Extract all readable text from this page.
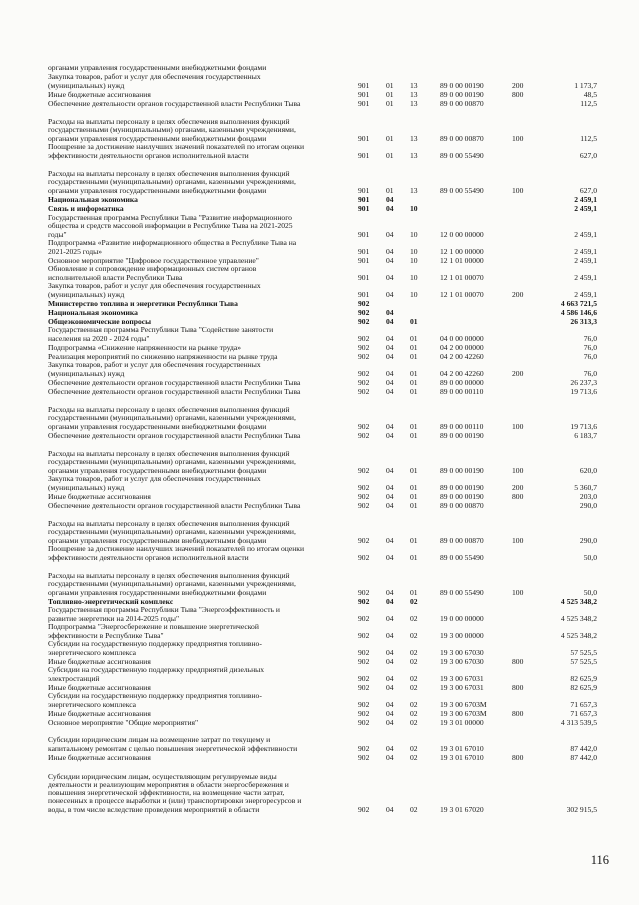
органами управления государственными внебюджетными фондами
Закупка товаров, работ и услуг для обеспечения государственных
(муниципальных) нужд	901 01 13	89 0 00 00190	200	1 173,7
Иные бюджетные ассигнования	901 01 13	89 0 00 00190	800	48,5
Обеспечение деятельности органов государственной власти Республики Тыва	901 01 13	89 0 00 00870	112,5
Расходы на выплаты персоналу в целях обеспечения выполнения функций
государственными (муниципальными) органами, казенными учреждениями,
органами управления государственными внебюджетными фондами	901 01 13	89 0 00 00870	100	112,5
Поощрение за достижение наилучших значений показателей по итогам оценки
эффективности деятельности органов исполнительной власти	901 01 13	89 0 00 55490	627,0
Расходы на выплаты персоналу в целях обеспечения выполнения функций
государственными (муниципальными) органами, казенными учреждениями,
органами управления государственными внебюджетными фондами	901 01 13	89 0 00 55490	100	627,0
Национальная экономика	901 04	2 459,1
Связь и информатика	901 04 10	2 459,1
Государственная программа Республики Тыва "Развитие информационного
общества и средств массовой информации в Республике Тыва на 2021-2025
годы"	901 04 10	12 0 00 00000	2 459,1
Подпрограмма «Развитие информационного общества в Республике Тыва на
2021-2025 годы»	901 04 10	12 1 00 00000	2 459,1
Основное мероприятие "Цифровое государственное управление"	901 04 10	12 1 01 00000	2 459,1
Обновление и сопровождение информационных систем органов
исполнительной власти Республики Тыва	901 04 10	12 1 01 00070	2 459,1
Закупка товаров, работ и услуг для обеспечения государственных
(муниципальных) нужд	901 04 10	12 1 01 00070	200	2 459,1
Министерство топлива и энергетики Республики Тыва	902	4 663 721,5
Национальная экономика	902 04	4 586 146,6
Общеэкономические вопросы	902 04 01	26 313,3
Государственная программа Республики Тыва "Содействие занятости
населения на 2020 - 2024 годы"	902 04 01	04 0 00 00000	76,0
Подпрограмма «Снижение напряженности на рынке труда»	902 04 01	04 2 00 00000	76,0
Реализация мероприятий по снижению напряженности на рынке труда	902 04 01	04 2 00 42260	76,0
Закупка товаров, работ и услуг для обеспечения государственных
(муниципальных) нужд	902 04 01	04 2 00 42260	200	76,0
Обеспечение деятельности органов государственной власти Республики Тыва	902 04 01	89 0 00 00000	26 237,3
Обеспечение деятельности органов государственной власти Республики Тыва	902 04 01	89 0 00 00110	19 713,6
Расходы на выплаты персоналу в целях обеспечения выполнения функций
государственными (муниципальными) органами, казенными учреждениями,
органами управления государственными внебюджетными фондами	902 04 01	89 0 00 00110	100	19 713,6
Обеспечение деятельности органов государственной власти Республики Тыва	902 04 01	89 0 00 00190	6 183,7
Расходы на выплаты персоналу в целях обеспечения выполнения функций
государственными (муниципальными) органами, казенными учреждениями,
органами управления государственными внебюджетными фондами	902 04 01	89 0 00 00190	100	620,0
Закупка товаров, работ и услуг для обеспечения государственных
(муниципальных) нужд	902 04 01	89 0 00 00190	200	5 360,7
Иные бюджетные ассигнования	902 04 01	89 0 00 00190	800	203,0
Обеспечение деятельности органов государственной власти Республики Тыва	902 04 01	89 0 00 00870	290,0
Расходы на выплаты персоналу в целях обеспечения выполнения функций
государственными (муниципальными) органами, казенными учреждениями,
органами управления государственными внебюджетными фондами	902 04 01	89 0 00 00870	100	290,0
Поощрение за достижение наилучших значений показателей по итогам оценки
эффективности деятельности органов исполнительной власти	902 04 01	89 0 00 55490	50,0
Расходы на выплаты персоналу в целях обеспечения выполнения функций
государственными (муниципальными) органами, казенными учреждениями,
органами управления государственными внебюджетными фондами	902 04 01	89 0 00 55490	100	50,0
Топливно-энергетический комплекс	902 04 02	4 525 348,2
Государственная программа Республики Тыва "Энергоэффективность и
развитие энергетики на 2014-2025 годы"	902 04 02	19 0 00 00000	4 525 348,2
Подпрограмма "Энергосбережение и повышение энергетической
эффективности в Республике Тыва"	902 04 02	19 3 00 00000	4 525 348,2
Субсидии на государственную поддержку предприятия топливно-
энергетического комплекса	902 04 02	19 3 00 67030	57 525,5
Иные бюджетные ассигнования	902 04 02	19 3 00 67030	800	57 525,5
Субсидии на государственную поддержку предприятий дизельных
электростанций	902 04 02	19 3 00 67031	82 625,9
Иные бюджетные ассигнования	902 04 02	19 3 00 67031	800	82 625,9
Субсидии на государственную поддержку предприятия топливно-
энергетического комплекса	902 04 02	19 3 00 6703М	71 657,3
Иные бюджетные ассигнования	902 04 02	19 3 00 6703М	800	71 657,3
Основное мероприятие "Общие мероприятия"	902 04 02	19 3 01 00000	4 313 539,5
Субсидии юридическим лицам на возмещение затрат по текущему и
капитальному ремонтам с целью повышения энергетической эффективности	902 04 02	19 3 01 67010	87 442,0
Иные бюджетные ассигнования	902 04 02	19 3 01 67010	800	87 442,0
Субсидии юридическим лицам, осуществляющим регулируемые виды
деятельности и реализующим мероприятия в области энергосбережения и
повышения энергетической эффективности, на возмещение части затрат,
понесенных в процессе выработки и (или) транспортировки энергоресурсов и
воды, в том числе вследствие проведения мероприятий в области	902 04 02	19 3 01 67020	302 915,5
116
